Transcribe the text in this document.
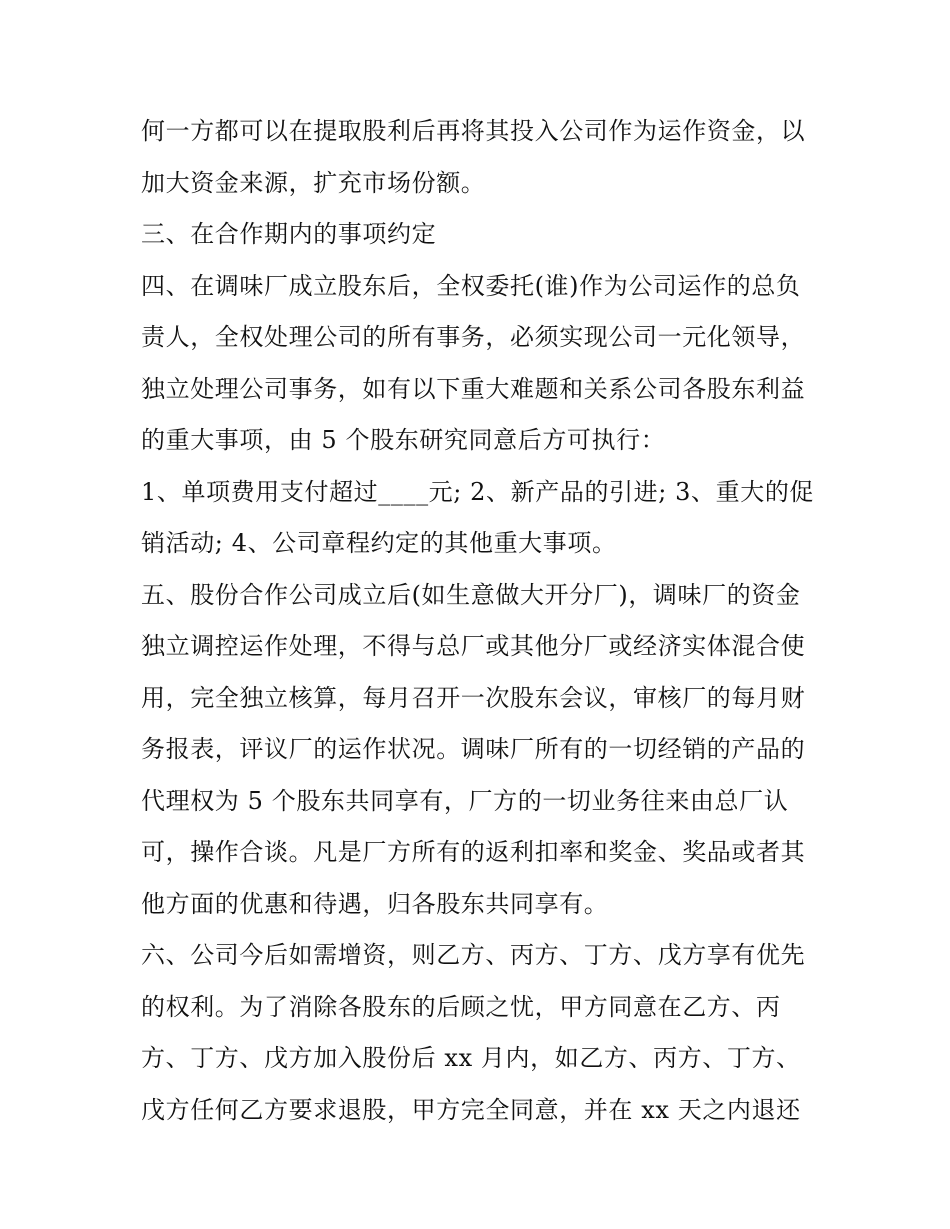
何一方都可以在提取股利后再将其投入公司作为运作资金，以
加大资金来源，扩充市场份额。
三、在合作期内的事项约定
四、在调味厂成立股东后，全权委托(谁)作为公司运作的总负
责人，全权处理公司的所有事务，必须实现公司一元化领导，
独立处理公司事务，如有以下重大难题和关系公司各股东利益
的重大事项，由 5 个股东研究同意后方可执行：
1、单项费用支付超过____元; 2、新产品的引进; 3、重大的促
销活动; 4、公司章程约定的其他重大事项。
五、股份合作公司成立后(如生意做大开分厂)，调味厂的资金
独立调控运作处理，不得与总厂或其他分厂或经济实体混合使
用，完全独立核算，每月召开一次股东会议，审核厂的每月财
务报表，评议厂的运作状况。调味厂所有的一切经销的产品的
代理权为 5 个股东共同享有，厂方的一切业务往来由总厂认
可，操作合谈。凡是厂方所有的返利扣率和奖金、奖品或者其
他方面的优惠和待遇，归各股东共同享有。
六、公司今后如需增资，则乙方、丙方、丁方、戊方享有优先
的权利。为了消除各股东的后顾之忧，甲方同意在乙方、丙
方、丁方、戊方加入股份后 xx 月内，如乙方、丙方、丁方、
戊方任何乙方要求退股，甲方完全同意，并在 xx 天之内退还
